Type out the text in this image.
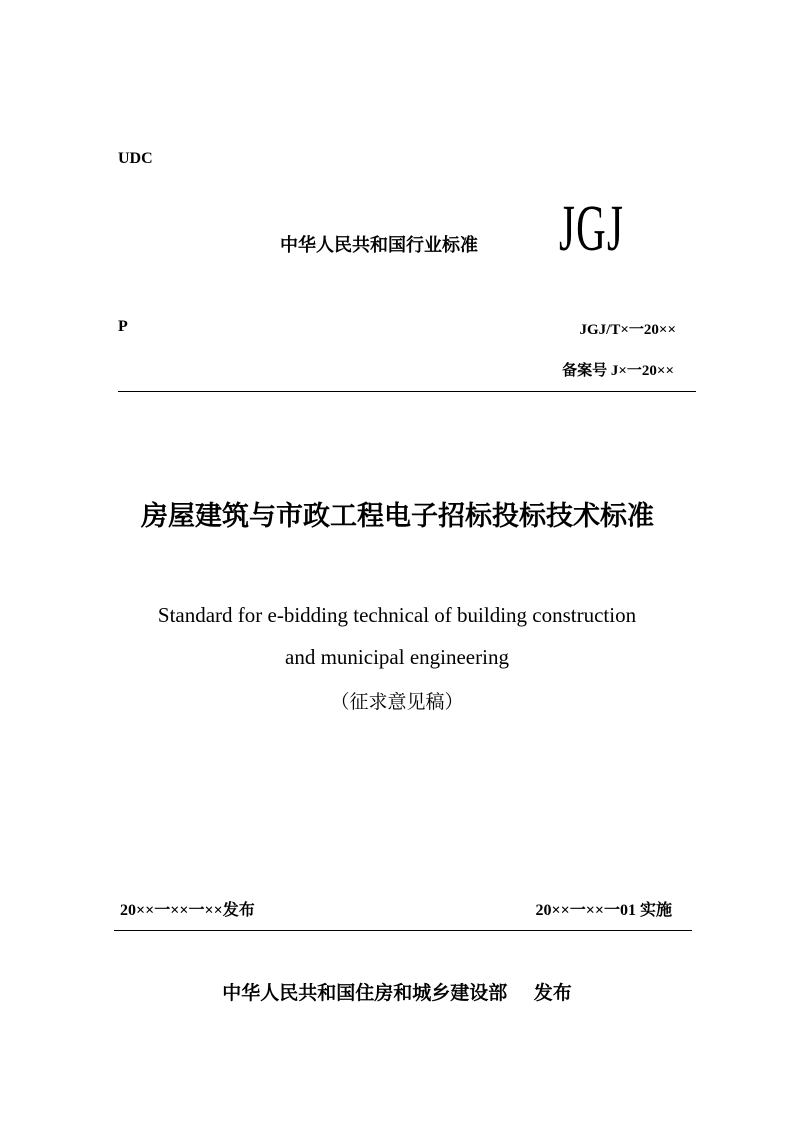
UDC
中华人民共和国行业标准 JGJ
P	JGJ/T×一20××
备案号 J×一20××
房屋建筑与市政工程电子招标投标技术标准
Standard for e-bidding technical of building construction
and municipal engineering
（征求意见稿）
20××一××一××发布	20××一××一01 实施
中华人民共和国住房和城乡建设部    发布
